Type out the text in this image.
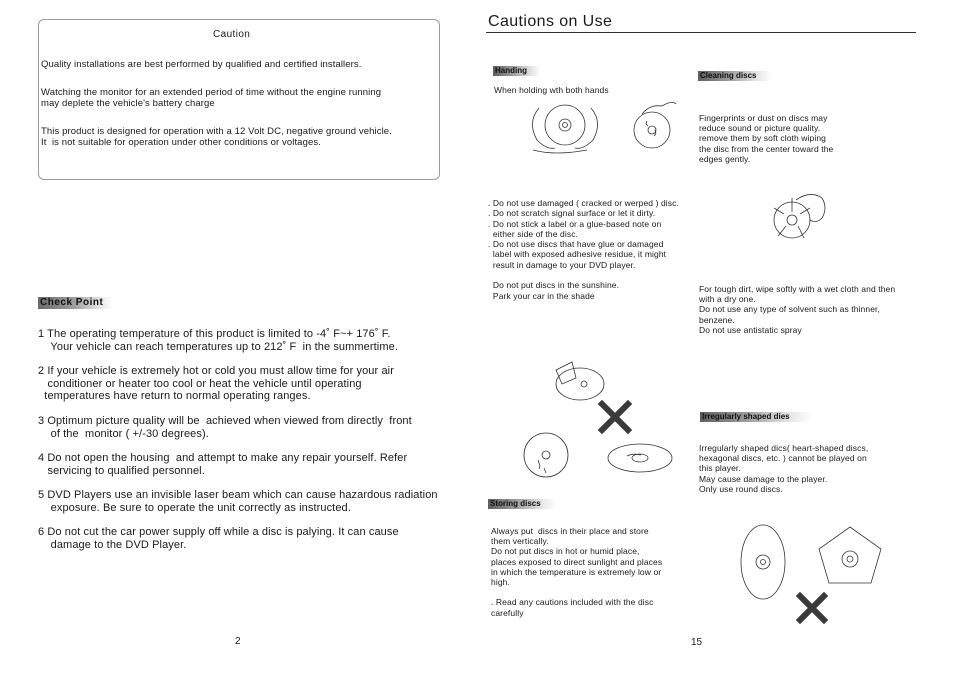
Caution
Quality installations are best performed by qualified and certified installers.
Watching the monitor for an extended period of time without the engine running
may deplete the vehicle's battery charge
This product is designed for operation with a 12 Volt DC, negative ground vehicle.
It  is not suitable for operation under other conditions or voltages.
Check Point
1 The operating temperature of this product is limited to -4˚ F~+ 176˚ F.
Your vehicle can reach temperatures up to 212˚ F  in the summertime.
2 If your vehicle is extremely hot or cold you must allow time for your air
conditioner or heater too cool or heat the vehicle until operating
temperatures have return to normal operating ranges.
3 Optimum picture quality will be  achieved when viewed from directly  front
of the  monitor ( +/-30 degrees).
4 Do not open the housing  and attempt to make any repair yourself. Refer
servicing to qualified personnel.
5 DVD Players use an invisible laser beam which can cause hazardous radiation
exposure. Be sure to operate the unit correctly as instructed.
6 Do not cut the car power supply off while a disc is palying. It can cause
damage to the DVD Player.
2
Cautions on Use
Handing
When holding wth both hands
. Do not use damaged ( cracked or werped ) disc.
. Do not scratch signal surface or let it dirty.
. Do not stick a label or a glue-based note on
either side of the disc.
. Do not use discs that have glue or damaged
label with exposed adhesive residue, it might
result in damage to your DVD player.

Do not put discs in the sunshine.
Park your car in the shade
Cleaning discs
Fingerprints or dust on discs may
reduce sound or picture quality.
remove them by soft cloth wiping
the disc from the center toward the
edges gently.
For tough dirt, wipe softly with a wet cloth and then
with a dry one.
Do not use any type of solvent such as thinner,
benzene.
Do not use antistatic spray
Irregularly shaped dies
Irregularly shaped dics( heart-shaped discs,
hexagonal discs, etc. ) cannot be played on
this player.
May cause damage to the player.
Only use round discs.
Storing discs
Always put  discs in their place and store
them vertically.
Do not put discs in hot or humid place,
places exposed to direct sunlight and places
in which the temperature is extremely low or
high.

. Read any cautions included with the disc
carefully
15
